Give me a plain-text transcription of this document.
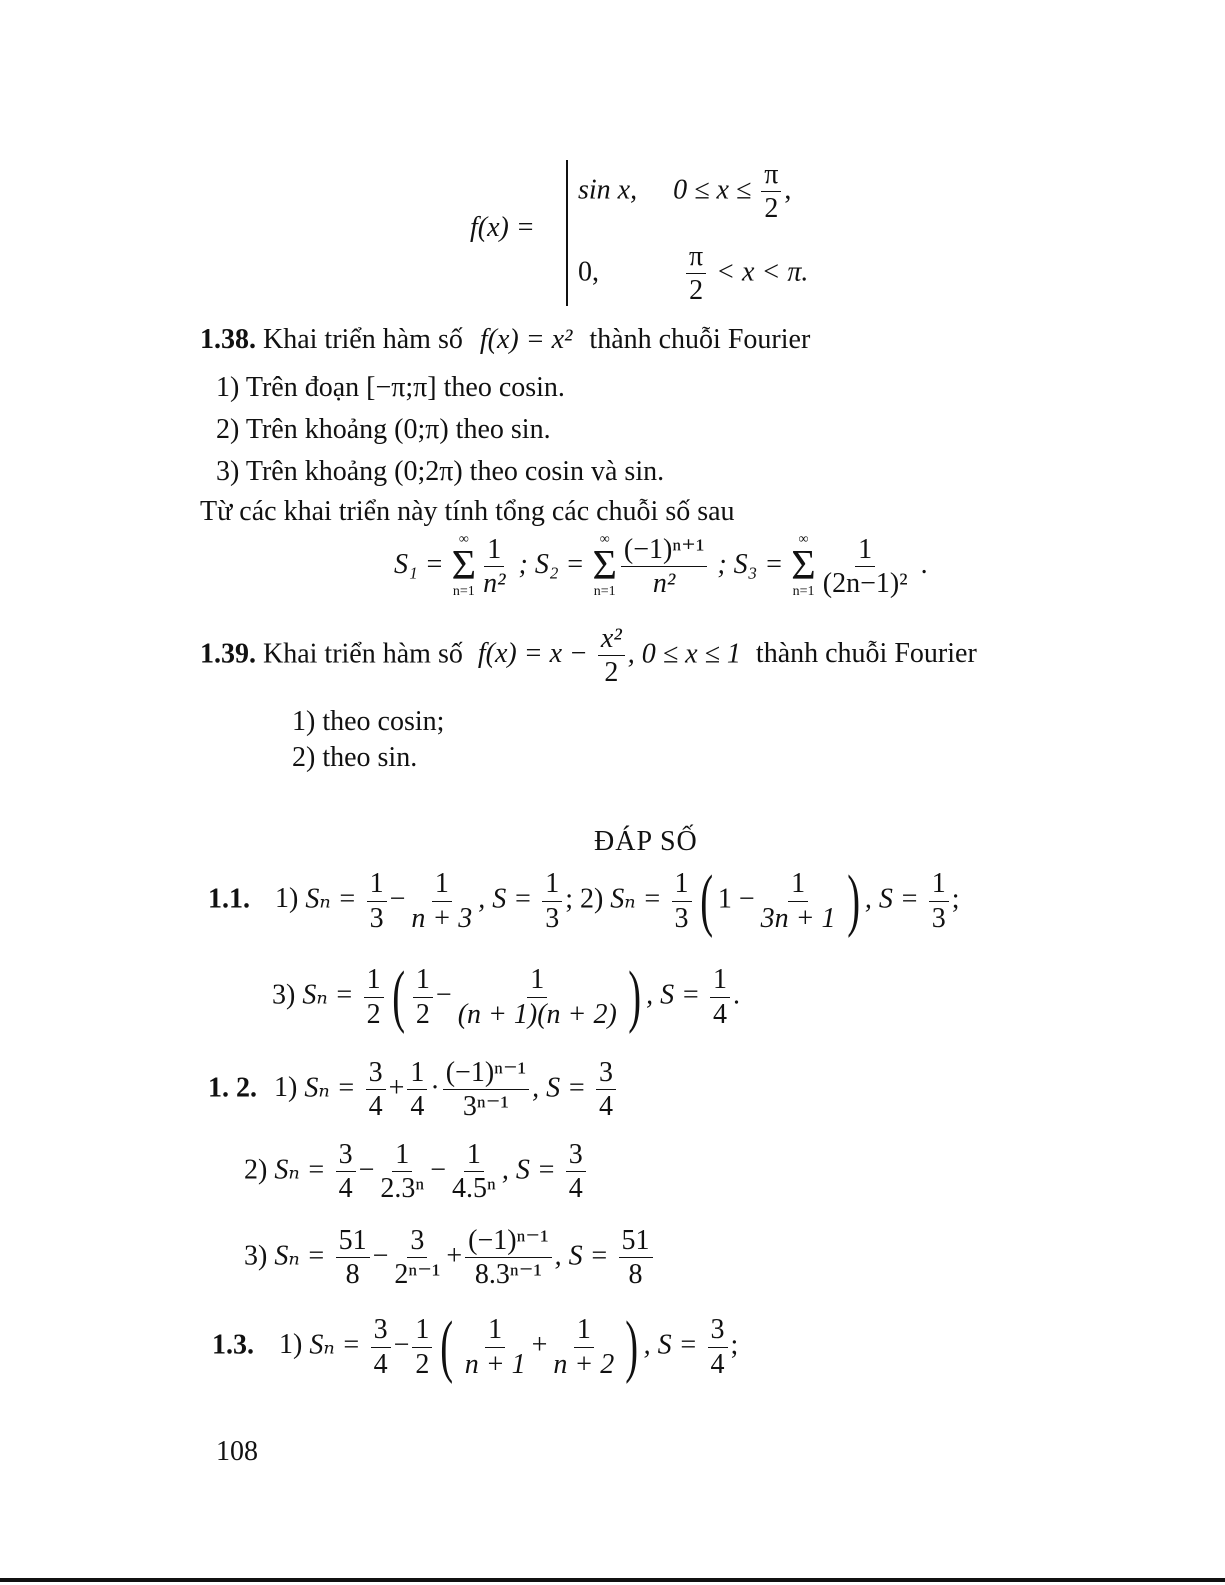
f(x) =
sin x, $0 \le x \le \frac{\pi}{2}$ ,
0,	$\frac{\pi}{2} < x < \pi$.
1.38. Khai triển hàm số f(x) = x² thành chuỗi Fourier
1) Trên đoạn [−π;π] theo cosin.
2) Trên khoảng (0;π) theo sin.
3) Trên khoảng (0;2π) theo cosin và sin.
Từ các khai triển này tính tổng các chuỗi số sau
S₁ =
∞
Σ
$n=1 \frac{1}{\text{n²}}$ ; S₂ =
∞
Σ
$n=1 \frac{\text{(−1)ⁿ⁺¹}}{\text{n²}}$ ; S₃ =
∞
Σ
$n=1 \frac{1}{\text{(2n−1)²}}$ .
1.39. Khai triển hàm số $f(x) = x - \frac{\text{x²}}{2}$ , 0 ≤ x ≤ 1 thành chuỗi Fourier
1) theo cosin;
2) theo sin.
ĐÁP SỐ
1.1. 1) $S_n = \frac{1}{3} - \frac{1}{n + 3}$ , $S = \frac{1}{3}$ ; 2) $S_n = \frac{1}{3}$ ( $1 - \frac{1}{3n + 1}$ ) , $S = \frac{1}{3}$ ;
3) $S_n = \frac{1}{2}$ ( $\frac{1}{2} - \frac{1}{(n + 1)(n + 2)}$ ) , $S = \frac{1}{4}$ .
1. 2. 1) $S_n = \frac{3}{4} + \frac{1}{4} \cdot \frac{\text{(−1)ⁿ⁻¹}}{\text{3ⁿ⁻¹}}$ , $S = \frac{3}{4}$
2) $S_n = \frac{3}{4} - \frac{1}{\text{2.3ⁿ}} - \frac{1}{\text{4.5ⁿ}}$ , $S = \frac{3}{4}$
3) $S_n = \frac{51}{8} - \frac{3}{\text{2ⁿ⁻¹}} + \frac{\text{(−1)ⁿ⁻¹}}{\text{8.3ⁿ⁻¹}}$ , $S = \frac{51}{8}$
1.3. 1) $S_n = \frac{3}{4} - \frac{1}{2}$ ( $\frac{1}{n + 1} + \frac{1}{n + 2}$ ) , $S = \frac{3}{4}$ ;
108
